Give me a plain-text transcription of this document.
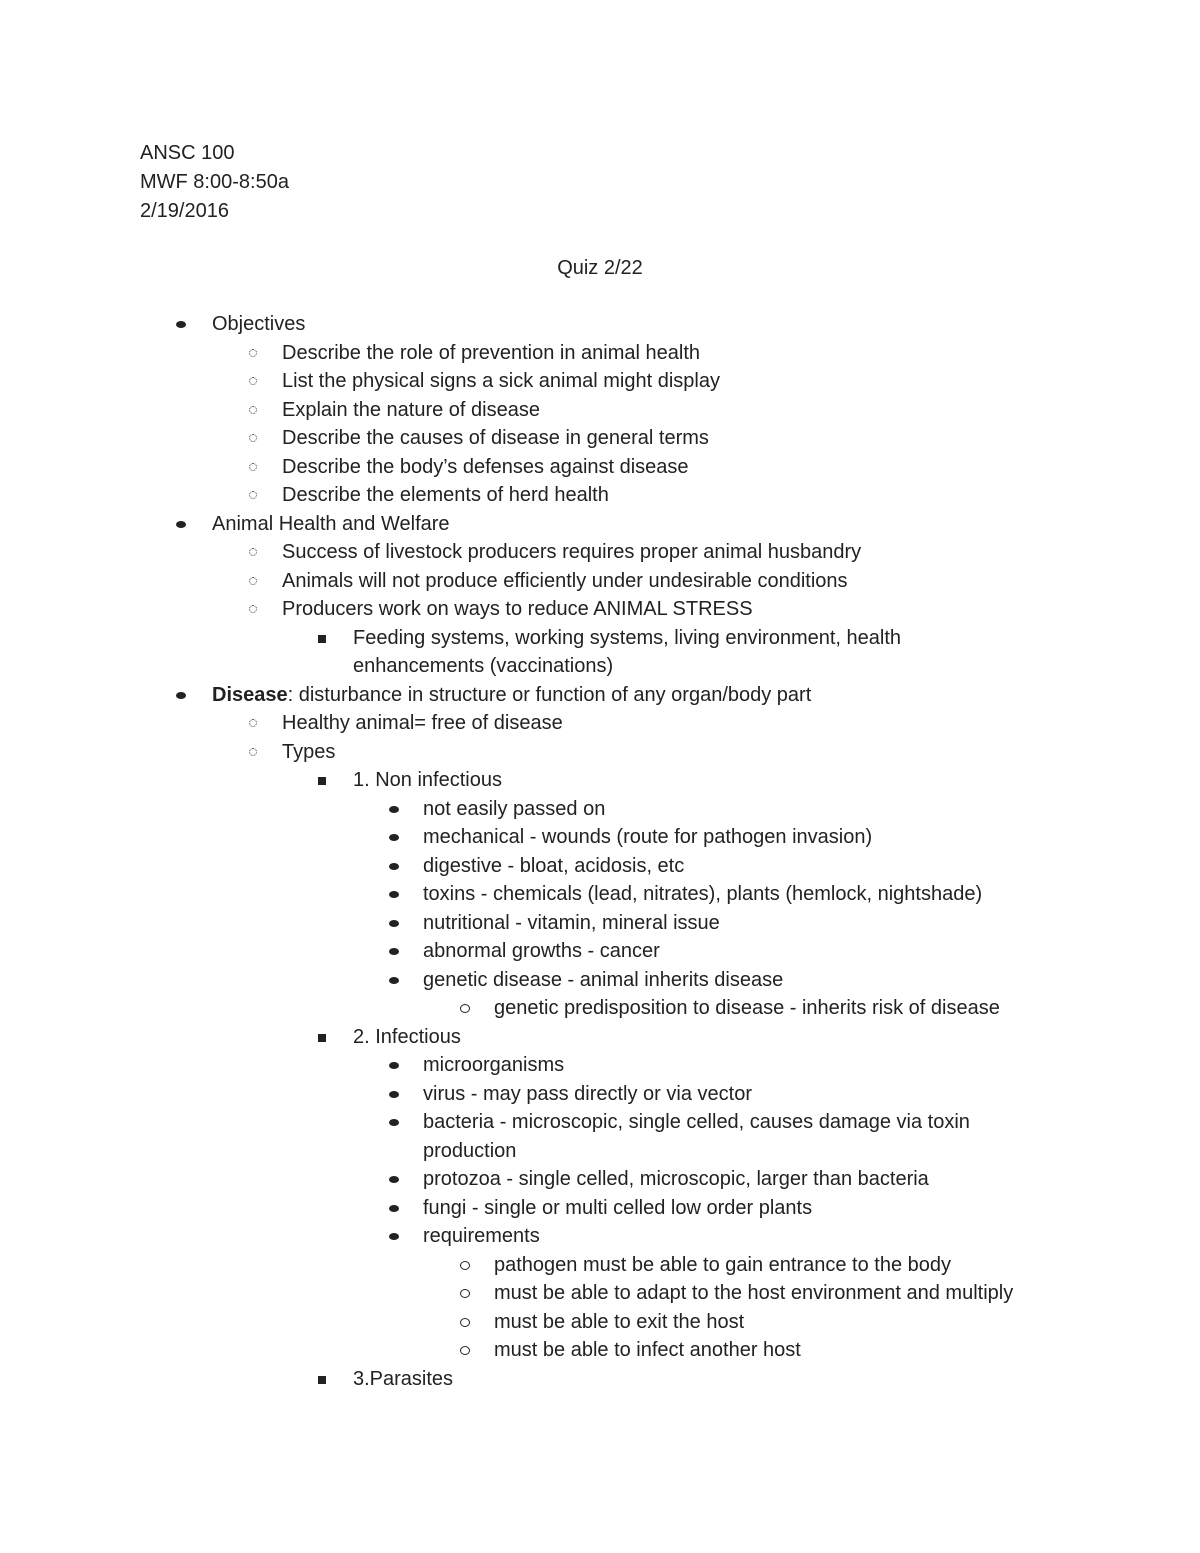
ANSC 100
MWF 8:00-8:50a
2/19/2016
Quiz 2/22
Objectives
Describe the role of prevention in animal health
List the physical signs a sick animal might display
Explain the nature of disease
Describe the causes of disease in general terms
Describe the body’s defenses against disease
Describe the elements of herd health
Animal Health and Welfare
Success of livestock producers requires proper animal husbandry
Animals will not produce efficiently under undesirable conditions
Producers work on ways to reduce ANIMAL STRESS
Feeding systems, working systems, living environment, health
enhancements (vaccinations)
Disease: disturbance in structure or function of any organ/body part
Healthy animal= free of disease
Types
1. Non infectious
not easily passed on
mechanical - wounds (route for pathogen invasion)
digestive - bloat, acidosis, etc
toxins - chemicals (lead, nitrates), plants (hemlock, nightshade)
nutritional - vitamin, mineral issue
abnormal growths - cancer
genetic disease - animal inherits disease
genetic predisposition to disease - inherits risk of disease
2. Infectious
microorganisms
virus - may pass directly or via vector
bacteria - microscopic, single celled, causes damage via toxin
production
protozoa - single celled, microscopic, larger than bacteria
fungi - single or multi celled low order plants
requirements
pathogen must be able to gain entrance to the body
must be able to adapt to the host environment and multiply
must be able to exit the host
must be able to infect another host
3.Parasites
